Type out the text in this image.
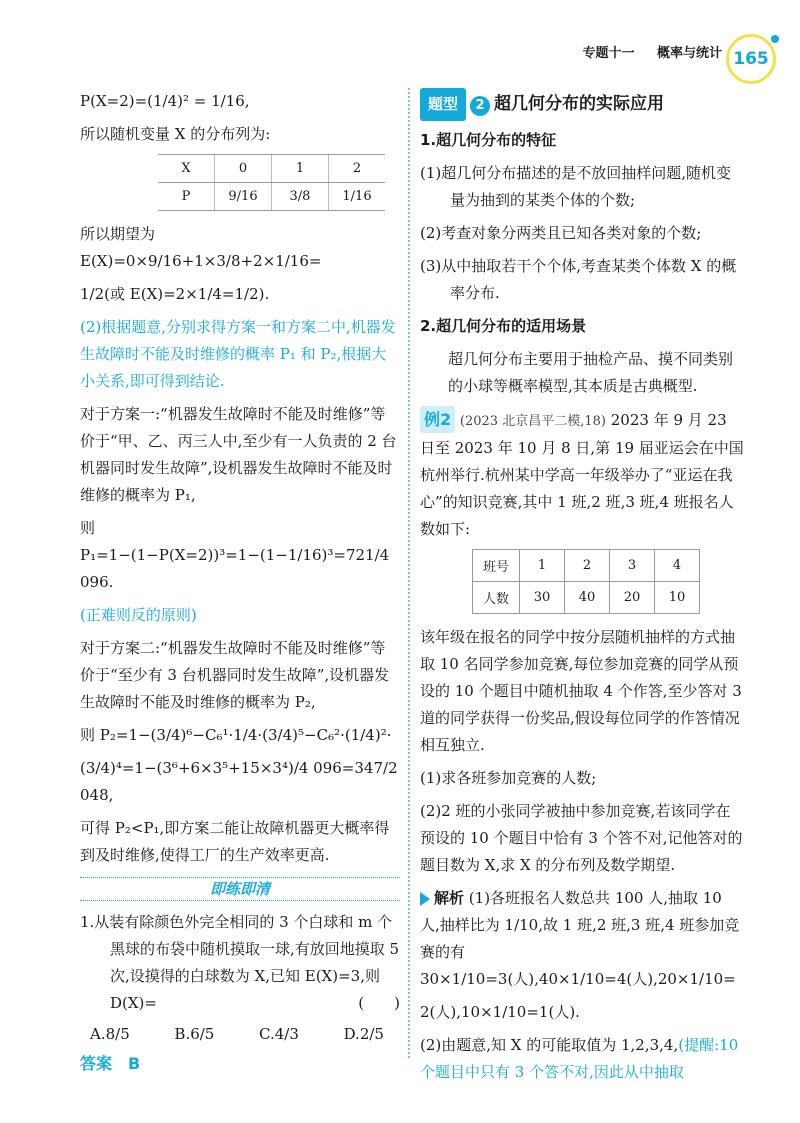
专题十一 概率与统计 165

P(X=2)=(1/4)² = 1/16,

所以随机变量 X 的分布列为:

X	0	1	2
P	9/16	3/8	1/16

所以期望为 E(X)=0×9/16+1×3/8+2×1/16=

1/2(或 E(X)=2×1/4=1/2).

(2)根据题意,分别求得方案一和方案二中,机器发生故障时不能及时维修的概率 P₁ 和 P₂,根据大小关系,即可得到结论.

对于方案一:“机器发生故障时不能及时维修”等价于“甲、乙、丙三人中,至少有一人负责的 2 台机器同时发生故障”,设机器发生故障时不能及时维修的概率为 P₁,

则 P₁=1−(1−P(X=2))³=1−(1−1/16)³=721/4 096.

(正难则反的原则)

对于方案二:“机器发生故障时不能及时维修”等价于“至少有 3 台机器同时发生故障”,设机器发生故障时不能及时维修的概率为 P₂,

则 P₂=1−(3/4)⁶−C₆¹·1/4·(3/4)⁵−C₆²·(1/4)²·

(3/4)⁴=1−(3⁶+6×3⁵+15×3⁴)/4 096=347/2 048,

可得 P₂<P₁,即方案二能让故障机器更大概率得到及时维修,使得工厂的生产效率更高.

即练即清

1.从装有除颜色外完全相同的 3 个白球和 m 个黑球的布袋中随机摸取一球,有放回地摸取 5 次,设摸得的白球数为 X,已知 E(X)=3,则 D(X)=	(　　)

A.8/5	B.6/5	C.4/3	D.2/5
答案　B

题型 2 超几何分布的实际应用

1.超几何分布的特征

(1)超几何分布描述的是不放回抽样问题,随机变量为抽到的某类个体的个数;

(2)考查对象分两类且已知各类对象的个数;

(3)从中抽取若干个个体,考查某类个体数 X 的概率分布.

2.超几何分布的适用场景

超几何分布主要用于抽检产品、摸不同类别的小球等概率模型,其本质是古典概型.

例2 (2023 北京昌平二模,18) 2023 年 9 月 23 日至 2023 年 10 月 8 日,第 19 届亚运会在中国杭州举行.杭州某中学高一年级举办了“亚运在我心”的知识竞赛,其中 1 班,2 班,3 班,4 班报名人数如下:

班号	1	2	3	4
人数	30	40	20	10

该年级在报名的同学中按分层随机抽样的方式抽取 10 名同学参加竞赛,每位参加竞赛的同学从预设的 10 个题目中随机抽取 4 个作答,至少答对 3 道的同学获得一份奖品,假设每位同学的作答情况相互独立.

(1)求各班参加竞赛的人数;

(2)2 班的小张同学被抽中参加竞赛,若该同学在预设的 10 个题目中恰有 3 个答不对,记他答对的题目数为 X,求 X 的分布列及数学期望.

解析 (1)各班报名人数总共 100 人,抽取 10 人,抽样比为 1/10,故 1 班,2 班,3 班,4 班参加竞赛的有 30×1/10=3(人),40×1/10=4(人),20×1/10=

2(人),10×1/10=1(人).

(2)由题意,知 X 的可能取值为 1,2,3,4,(提醒:10 个题目中只有 3 个答不对,因此从中抽取
